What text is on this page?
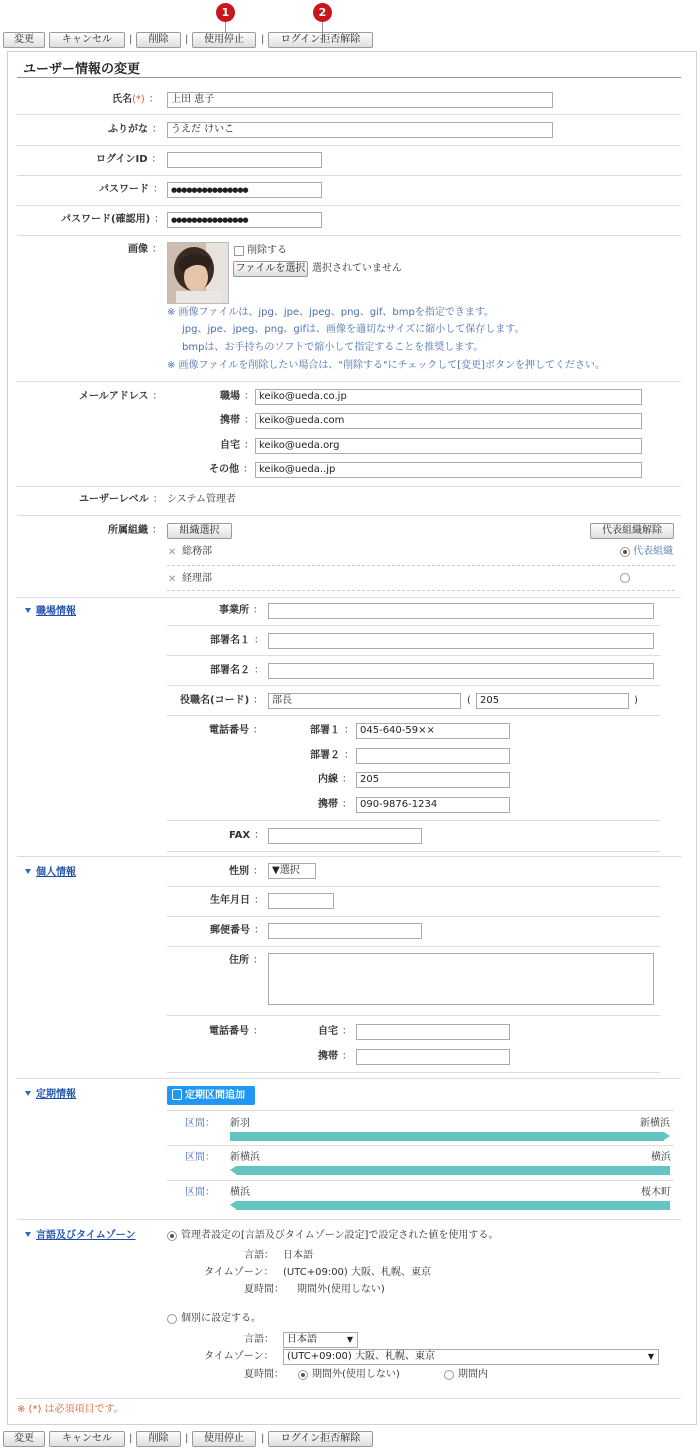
変更	キャンセル	|	削除	|	使用停止	|	ログイン拒否解除
1	2
ユーザー情報の変更
氏名(*) ：	上田 恵子
ふりがな ： うえだ けいこ
ログインID ：
パスワード ：	●●●●●●●●●●●●●●●
パスワード(確認用) ： ●●●●●●●●●●●●●●●
画像 ：	削除する
ファイルを選択 選択されていません
※ 画像ファイルは、jpg、jpe、jpeg、png、gif、bmpを指定できます。
jpg、jpe、jpeg、png、gifは、画像を適切なサイズに縮小して保存します。
bmpは、お手持ちのソフトで縮小して指定することを推奨します。
※ 画像ファイルを削除したい場合は、"削除する"にチェックして[変更]ボタンを押してください。
メールアドレス ：	職場 ： keiko@ueda.co.jp
携帯 ： keiko@ueda.com
自宅 ： keiko@ueda.org
その他 ： keiko@ueda..jp
ユーザーレベル ： システム管理者
所属組織 ：	組織選択	代表組織解除
✕ 総務部	代表組織
✕ 経理部
職場情報	事業所 ：
部署名１ ：
部署名２ ：
役職名(コード) ： 部長	( 205	)
電話番号 ：	部署１ ： 045-640-59××
部署２ ：
内線 ： 205
携帯 ： 090-9876-1234
FAX ：
個人情報	性別 ： ▼選択
生年月日 ：
郵便番号 ：
住所 ：
電話番号 ：	自宅 ：
携帯 ：
定期情報	定期区間追加
区間： 新羽	新横浜
区間： 新横浜	横浜
区間： 横浜	桜木町
言語及びタイムゾーン	管理者設定の[言語及びタイムゾーン設定]で設定された値を使用する。
言語： 日本語
タイムゾーン： (UTC+09:00) 大阪、札幌、東京
夏時間： 期間外(使用しない)
個別に設定する。
言語：	日本語	▼
タイムゾーン：	(UTC+09:00) 大阪、札幌、東京	▼
夏時間：	期間外(使用しない)	期間内
※ (*) は必須項目です。
変更	キャンセル	|	削除	|	使用停止	|	ログイン拒否解除
